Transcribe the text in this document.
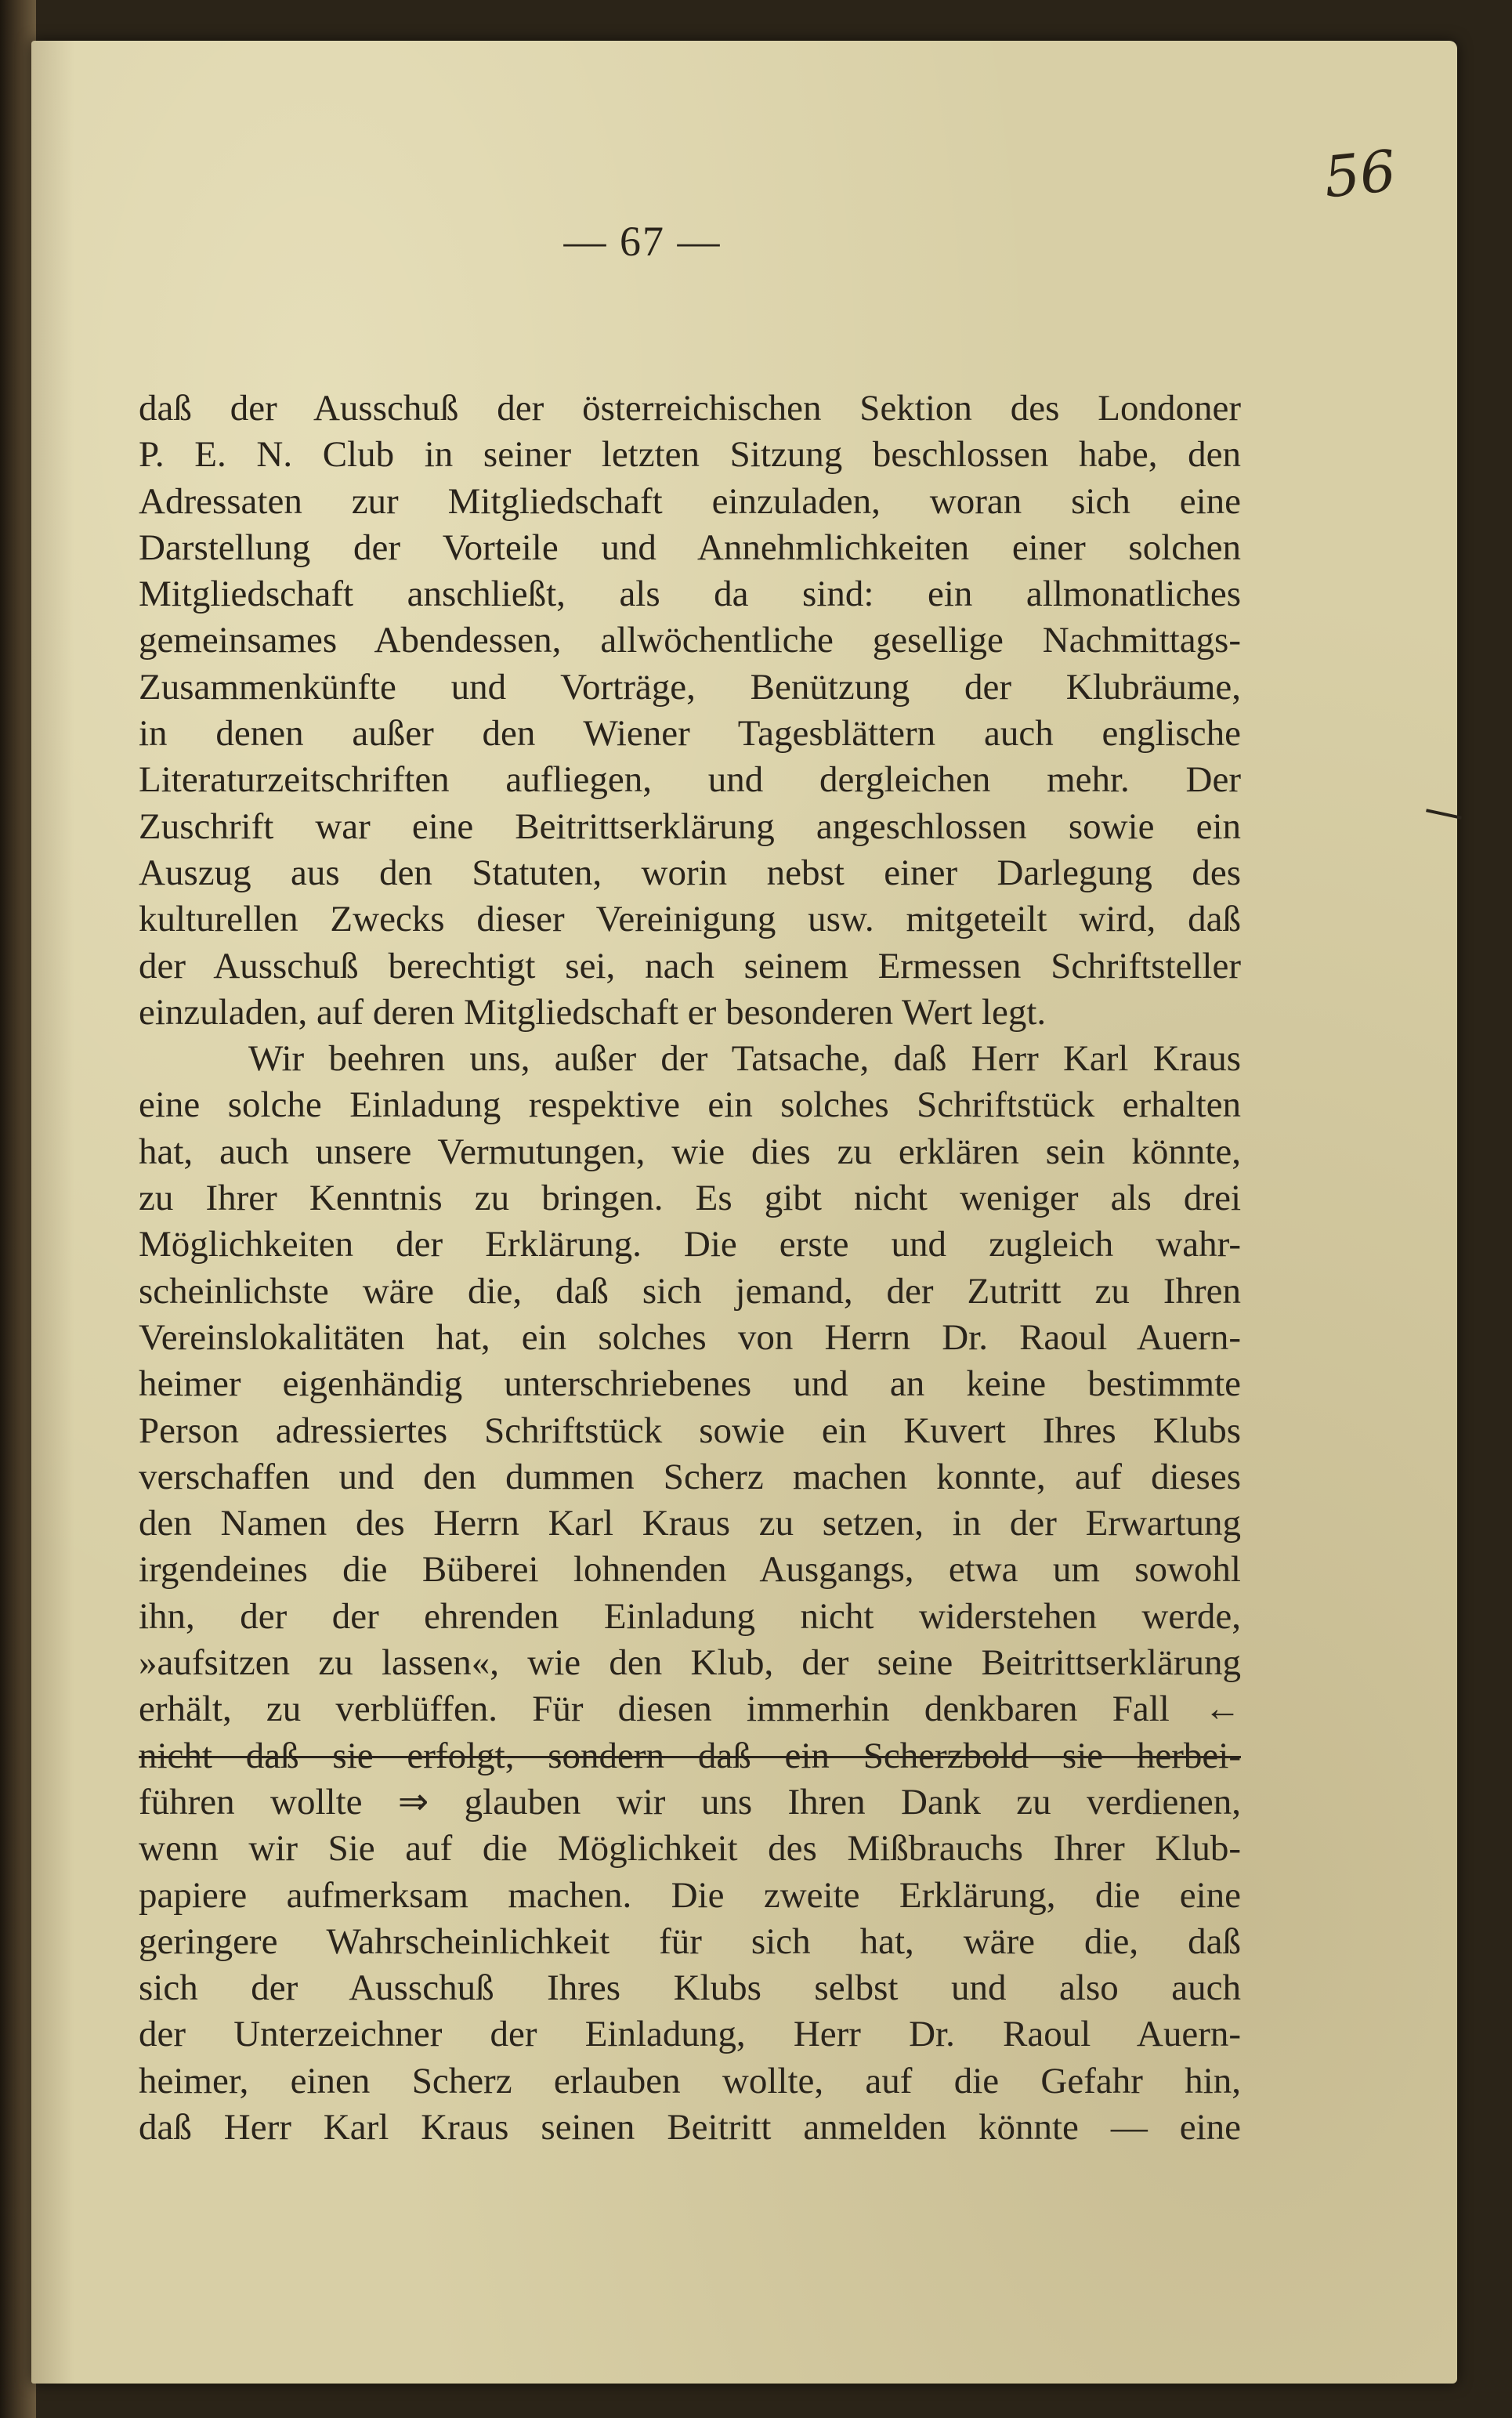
— 67 —
56
daß der Ausschuß der österreichischen Sektion des Londoner
P. E. N. Club in seiner letzten Sitzung beschlossen habe, den
Adressaten zur Mitgliedschaft einzuladen, woran sich eine
Darstellung der Vorteile und Annehmlichkeiten einer solchen
Mitgliedschaft anschließt, als da sind: ein allmonatliches
gemeinsames Abendessen, allwöchentliche gesellige Nachmittags-
Zusammenkünfte und Vorträge, Benützung der Klubräume,
in denen außer den Wiener Tagesblättern auch englische
Literaturzeitschriften aufliegen, und dergleichen mehr. Der
Zuschrift war eine Beitrittserklärung angeschlossen sowie ein
Auszug aus den Statuten, worin nebst einer Darlegung des
kulturellen Zwecks dieser Vereinigung usw. mitgeteilt wird, daß
der Ausschuß berechtigt sei, nach seinem Ermessen Schriftsteller
einzuladen, auf deren Mitgliedschaft er besonderen Wert legt.
Wir beehren uns, außer der Tatsache, daß Herr Karl Kraus
eine solche Einladung respektive ein solches Schriftstück erhalten
hat, auch unsere Vermutungen, wie dies zu erklären sein könnte,
zu Ihrer Kenntnis zu bringen. Es gibt nicht weniger als drei
Möglichkeiten der Erklärung. Die erste und zugleich wahr-
scheinlichste wäre die, daß sich jemand, der Zutritt zu Ihren
Vereinslokalitäten hat, ein solches von Herrn Dr. Raoul Auern-
heimer eigenhändig unterschriebenes und an keine bestimmte
Person adressiertes Schriftstück sowie ein Kuvert Ihres Klubs
verschaffen und den dummen Scherz machen konnte, auf dieses
den Namen des Herrn Karl Kraus zu setzen, in der Erwartung
irgendeines die Büberei lohnenden Ausgangs, etwa um sowohl
ihn, der der ehrenden Einladung nicht widerstehen werde,
»aufsitzen zu lassen«, wie den Klub, der seine Beitrittserklärung
erhält, zu verblüffen. Für diesen immerhin denkbaren Fall ←
nicht daß sie erfolgt, sondern daß ein Scherzbold sie herbei-
führen wollte ⇒ glauben wir uns Ihren Dank zu verdienen,
wenn wir Sie auf die Möglichkeit des Mißbrauchs Ihrer Klub-
papiere aufmerksam machen. Die zweite Erklärung, die eine
geringere Wahrscheinlichkeit für sich hat, wäre die, daß
sich der Ausschuß Ihres Klubs selbst und also auch
der Unterzeichner der Einladung, Herr Dr. Raoul Auern-
heimer, einen Scherz erlauben wollte, auf die Gefahr hin,
daß Herr Karl Kraus seinen Beitritt anmelden könnte — eine
